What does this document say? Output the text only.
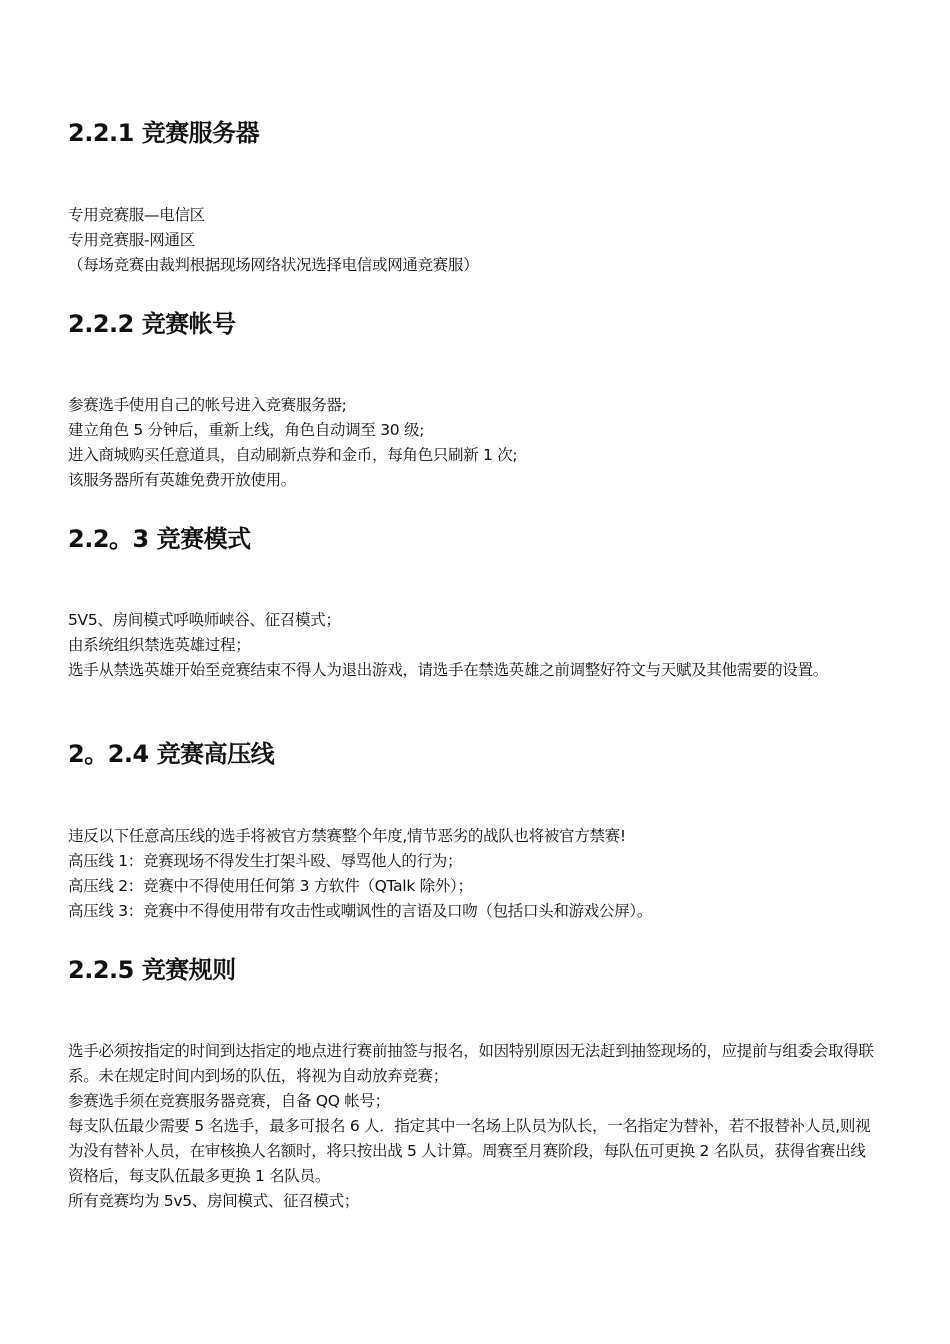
2.2.1 竞赛服务器
专用竞赛服—电信区
专用竞赛服-网通区
（每场竞赛由裁判根据现场网络状况选择电信或网通竞赛服）
2.2.2 竞赛帐号
参赛选手使用自己的帐号进入竞赛服务器;
建立角色 5 分钟后，重新上线，角色自动调至 30 级;
进入商城购买任意道具，自动刷新点券和金币，每角色只刷新 1 次;
该服务器所有英雄免费开放使用。
2.2。3 竞赛模式
5V5、房间模式呼唤师峡谷、征召模式；
由系统组织禁选英雄过程；
选手从禁选英雄开始至竞赛结束不得人为退出游戏，请选手在禁选英雄之前调整好符文与天赋及其他需要的设置。
2。2.4 竞赛高压线
违反以下任意高压线的选手将被官方禁赛整个年度,情节恶劣的战队也将被官方禁赛!
高压线 1：竞赛现场不得发生打架斗殴、辱骂他人的行为；
高压线 2：竞赛中不得使用任何第 3 方软件（QTalk 除外）；
高压线 3：竞赛中不得使用带有攻击性或嘲讽性的言语及口吻（包括口头和游戏公屏）。
2.2.5 竞赛规则
选手必须按指定的时间到达指定的地点进行赛前抽签与报名，如因特别原因无法赶到抽签现场的，应提前与组委会取得联系。未在规定时间内到场的队伍，将视为自动放弃竞赛；
参赛选手须在竞赛服务器竞赛，自备 QQ 帐号；
每支队伍最少需要 5 名选手，最多可报名 6 人．指定其中一名场上队员为队长，一名指定为替补，若不报替补人员,则视为没有替补人员，在审核换人名额时，将只按出战 5 人计算。周赛至月赛阶段，每队伍可更换 2 名队员，获得省赛出线资格后，每支队伍最多更换 1 名队员。
所有竞赛均为 5v5、房间模式、征召模式；
